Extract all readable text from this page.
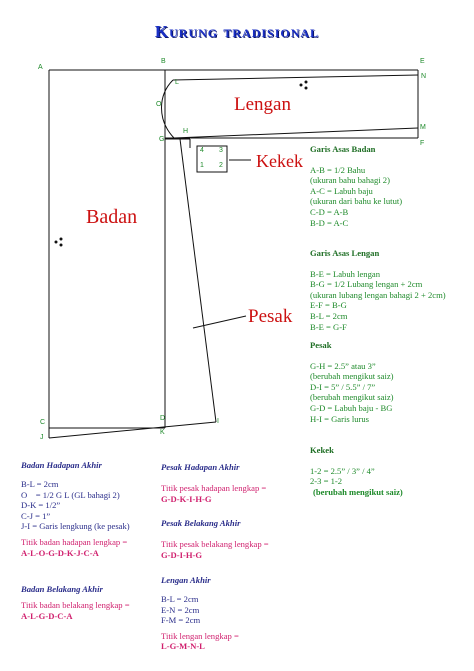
Kurung tradisional
Lengan
Kekek
Badan
Pesak
A
B	E
N
L
O
G
H
M
F
4 3
1 2
C
J
D
K
I
Garis Asas Badan
A-B = 1/2 Bahu
(ukuran bahu bahagi 2)
A-C = Labuh baju
(ukuran dari bahu ke lutut)
C-D = A-B
B-D = A-C
Garis Asas Lengan
B-E = Labuh lengan
B-G = 1/2 Lubang lengan + 2cm
(ukuran lubang lengan bahagi 2 + 2cm)
E-F = B-G
B-L = 2cm
B-E = G-F
Pesak
G-H = 2.5” atau 3”
(berubah mengikut saiz)
D-I = 5” / 5.5” / 7”
(berubah mengikut saiz)
G-D = Labuh baju - BG
H-I = Garis lurus
Kekek
1-2 = 2.5” / 3” / 4”
2-3 = 1-2
(berubah mengikut saiz)
Badan Hadapan Akhir
B-L = 2cm
O    = 1/2 G L (GL bahagi 2)
D-K = 1/2”
C-J = 1”
J-I = Garis lengkung (ke pesak)
Titik badan hadapan lengkap =
A-L-O-G-D-K-J-C-A
Badan Belakang Akhir
Titik badan belakang lengkap =
A-L-G-D-C-A
Pesak Hadapan Akhir
Titik pesak hadapan lengkap =
G-D-K-I-H-G
Pesak Belakang Akhir
Titik pesak belakang lengkap =
G-D-I-H-G
Lengan Akhir
B-L = 2cm
E-N = 2cm
F-M = 2cm
Titik lengan lengkap =
L-G-M-N-L
